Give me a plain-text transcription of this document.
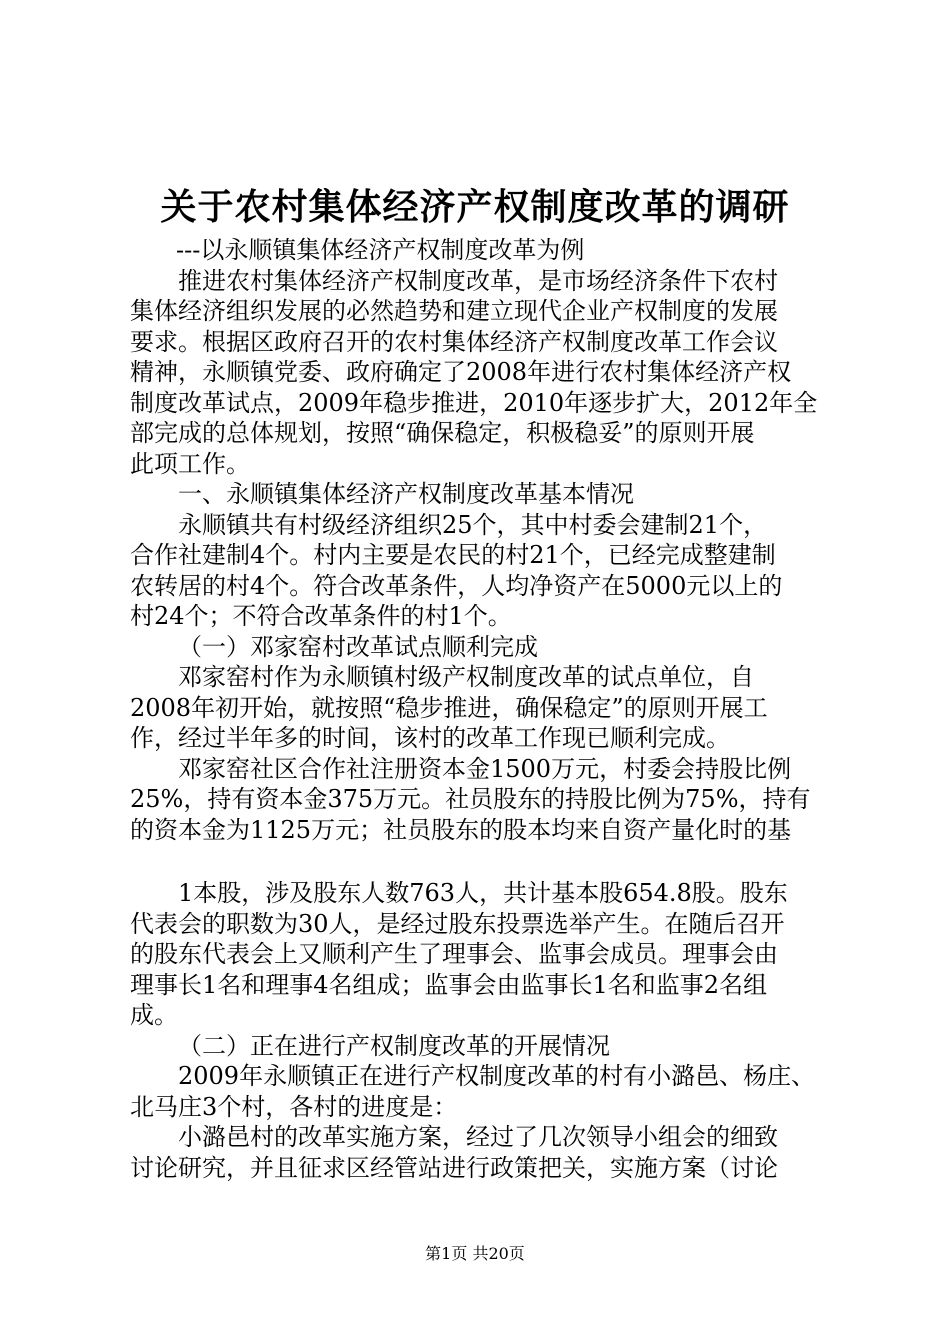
关于农村集体经济产权制度改革的调研
---以永顺镇集体经济产权制度改革为例
推进农村集体经济产权制度改革，是市场经济条件下农村
集体经济组织发展的必然趋势和建立现代企业产权制度的发展
要求。根据区政府召开的农村集体经济产权制度改革工作会议
精神，永顺镇党委、政府确定了2008年进行农村集体经济产权
制度改革试点，2009年稳步推进，2010年逐步扩大，2012年全
部完成的总体规划，按照“确保稳定，积极稳妥”的原则开展
此项工作。
一、永顺镇集体经济产权制度改革基本情况
永顺镇共有村级经济组织25个，其中村委会建制21个，
合作社建制4个。村内主要是农民的村21个，已经完成整建制
农转居的村4个。符合改革条件，人均净资产在5000元以上的
村24个；不符合改革条件的村1个。
（一）邓家窑村改革试点顺利完成
邓家窑村作为永顺镇村级产权制度改革的试点单位，自
2008年初开始，就按照“稳步推进，确保稳定”的原则开展工
作，经过半年多的时间，该村的改革工作现已顺利完成。
邓家窑社区合作社注册资本金1500万元，村委会持股比例
25%，持有资本金375万元。社员股东的持股比例为75%，持有
的资本金为1125万元；社员股东的股本均来自资产量化时的基
1本股，涉及股东人数763人，共计基本股654.8股。股东
代表会的职数为30人，是经过股东投票选举产生。在随后召开
的股东代表会上又顺利产生了理事会、监事会成员。理事会由
理事长1名和理事4名组成；监事会由监事长1名和监事2名组
成。
（二）正在进行产权制度改革的开展情况
2009年永顺镇正在进行产权制度改革的村有小潞邑、杨庄、
北马庄3个村，各村的进度是：
小潞邑村的改革实施方案，经过了几次领导小组会的细致
讨论研究，并且征求区经管站进行政策把关，实施方案（讨论
第1页 共20页
